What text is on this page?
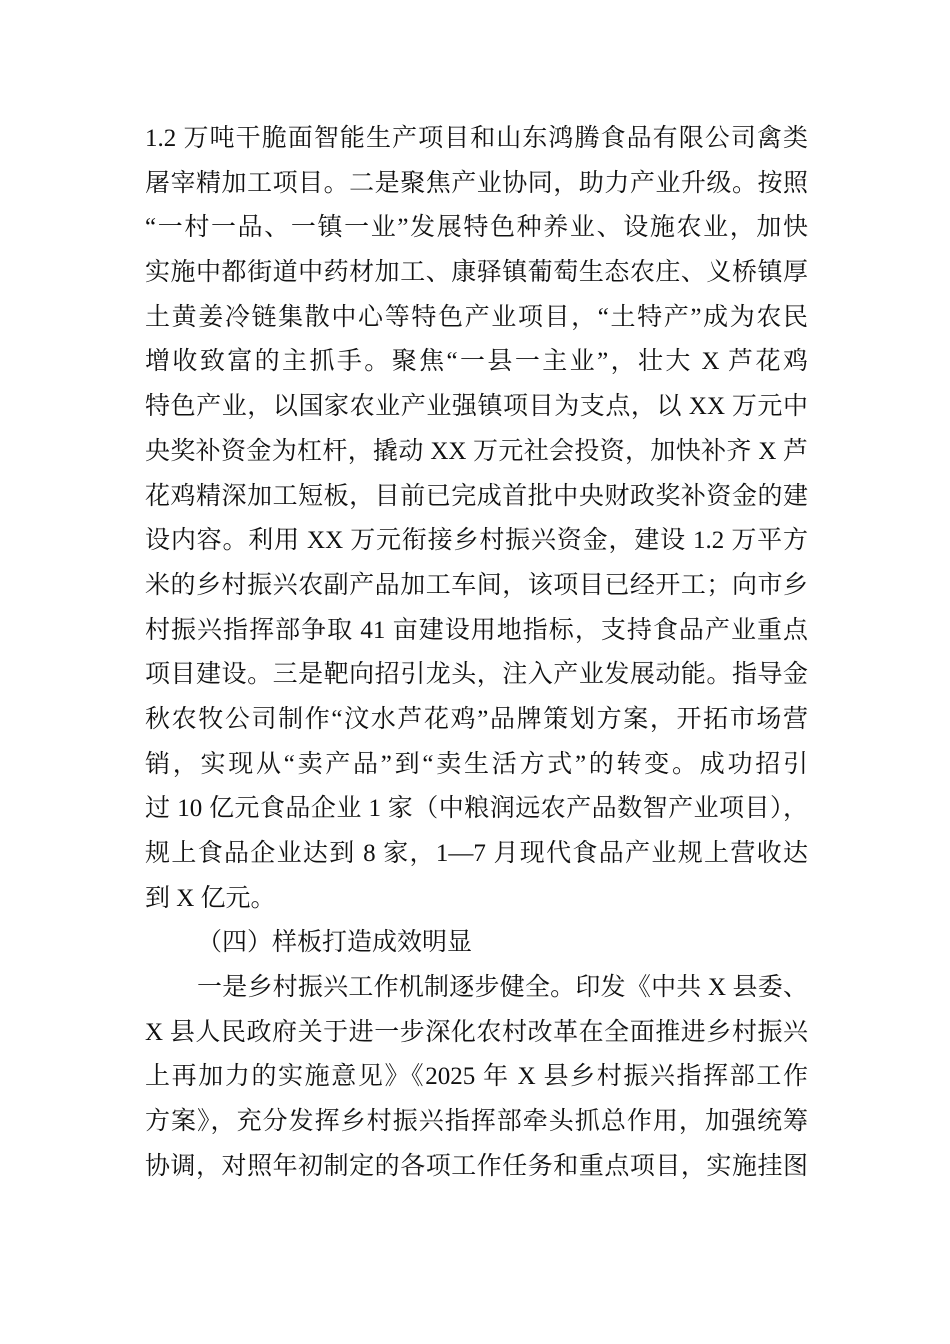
1.2 万吨干脆面智能生产项目和山东鸿腾食品有限公司禽类
屠宰精加工项目。二是聚焦产业协同，助力产业升级。按照
“一村一品、一镇一业”发展特色种养业、设施农业，加快
实施中都街道中药材加工、康驿镇葡萄生态农庄、义桥镇厚
土黄姜冷链集散中心等特色产业项目，“土特产”成为农民
增收致富的主抓手。聚焦“一县一主业”，壮大 X 芦花鸡
特色产业，以国家农业产业强镇项目为支点，以 XX 万元中
央奖补资金为杠杆，撬动 XX 万元社会投资，加快补齐 X 芦
花鸡精深加工短板，目前已完成首批中央财政奖补资金的建
设内容。利用 XX 万元衔接乡村振兴资金，建设 1.2 万平方
米的乡村振兴农副产品加工车间，该项目已经开工；向市乡
村振兴指挥部争取 41 亩建设用地指标，支持食品产业重点
项目建设。三是靶向招引龙头，注入产业发展动能。指导金
秋农牧公司制作“汶水芦花鸡”品牌策划方案，开拓市场营
销，实现从“卖产品”到“卖生活方式”的转变。成功招引
过 10 亿元食品企业 1 家（中粮润远农产品数智产业项目），
规上食品企业达到 8 家，1—7 月现代食品产业规上营收达
到 X 亿元。
（四）样板打造成效明显
一是乡村振兴工作机制逐步健全。印发《中共 X 县委、
X 县人民政府关于进一步深化农村改革在全面推进乡村振兴
上再加力的实施意见》《2025 年 X 县乡村振兴指挥部工作
方案》，充分发挥乡村振兴指挥部牵头抓总作用，加强统筹
协调，对照年初制定的各项工作任务和重点项目，实施挂图
